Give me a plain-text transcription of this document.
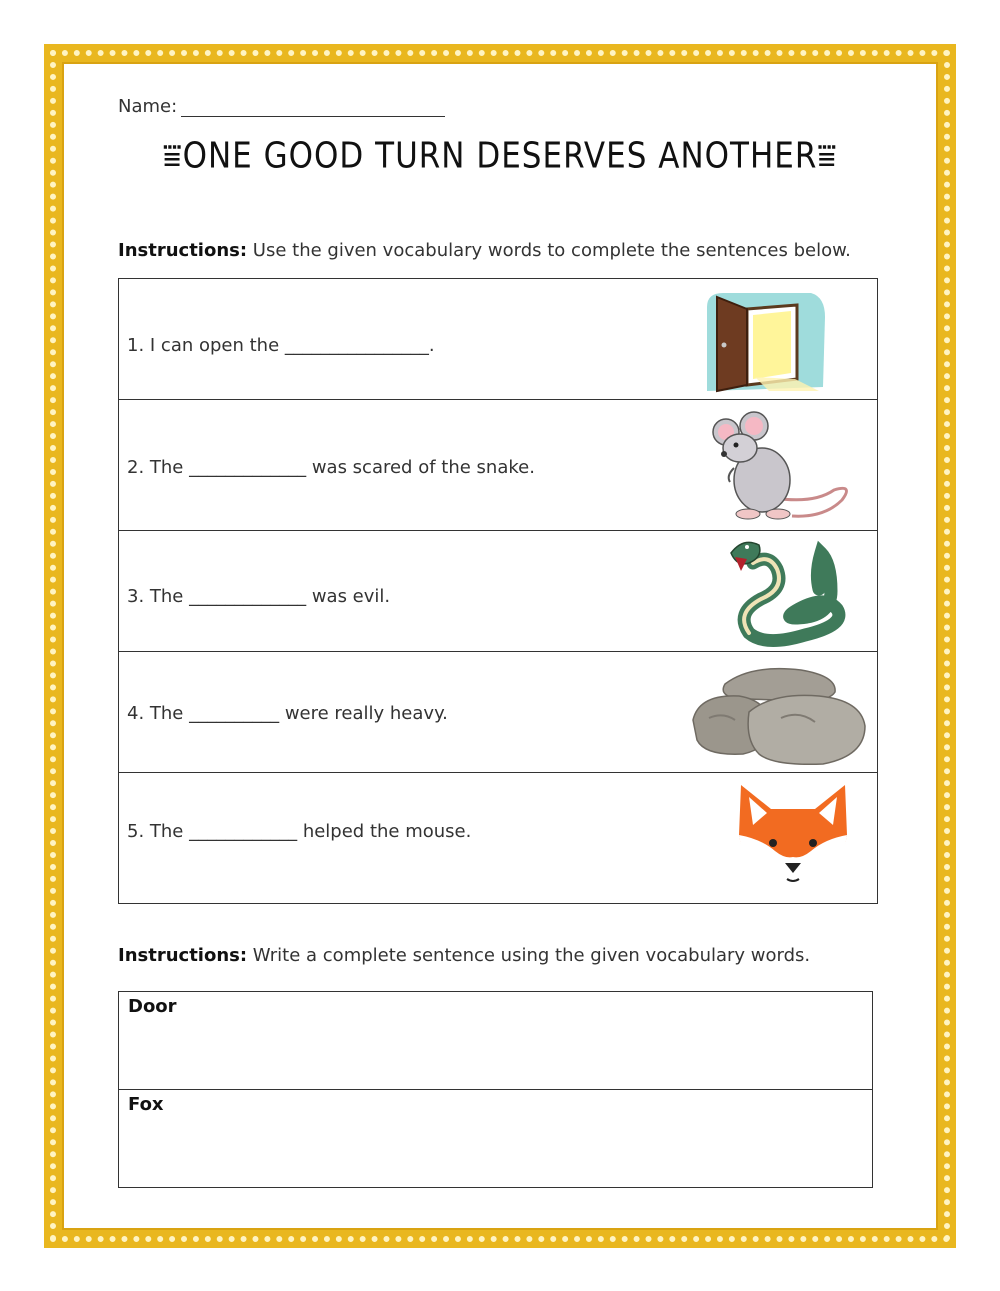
Name:
⩸ONE GOOD TURN DESERVES ANOTHER⩸
Instructions: Use the given vocabulary words to complete the sentences below.
1. I can open the ________________.

2. The _____________ was scared of the snake.

3. The _____________ was evil.

4. The __________ were really heavy.

5. The ____________ helped the mouse.
Instructions: Write a complete sentence using the given vocabulary words.
Door
Fox
